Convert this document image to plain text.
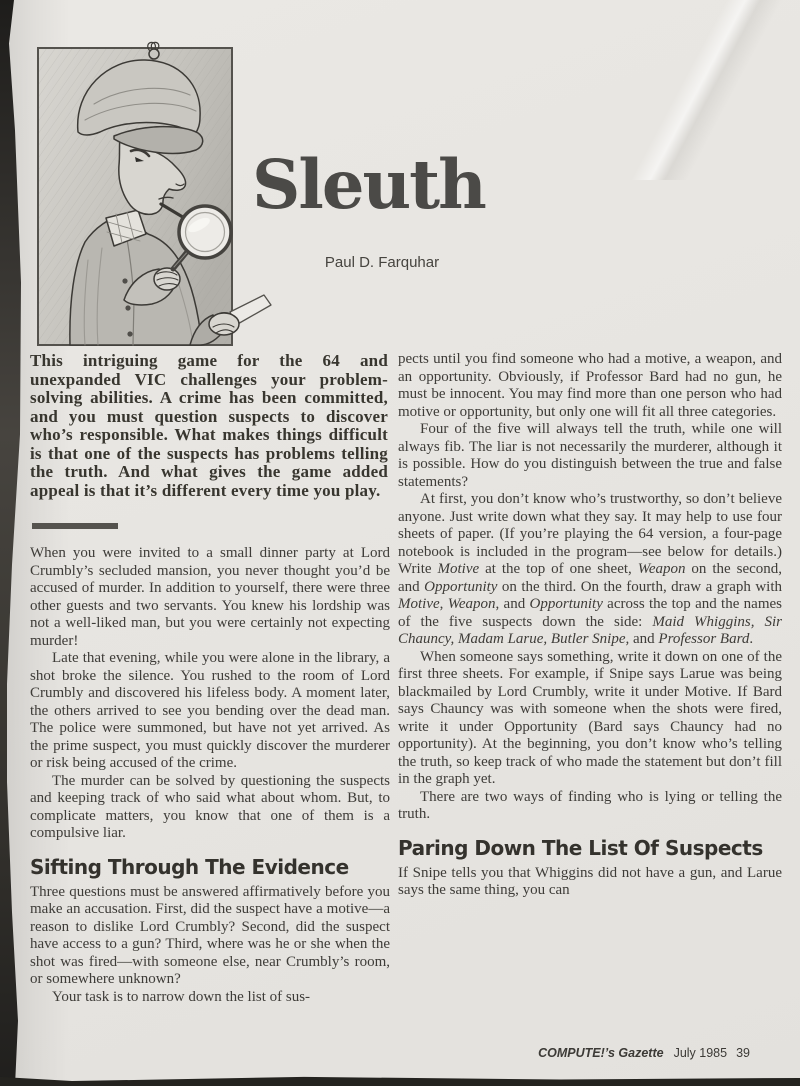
Sleuth
Paul D. Farquhar

This intriguing game for the 64 and unexpanded VIC challenges your problem-solving abilities. A crime has been committed, and you must question suspects to discover who’s responsible. What makes things difficult is that one of the suspects has problems telling the truth. And what gives the game added appeal is that it’s different every time you play.

When you were invited to a small dinner party at Lord Crumbly’s secluded mansion, you never thought you’d be accused of murder. In addition to yourself, there were three other guests and two servants. You knew his lordship was not a well-liked man, but you were certainly not expecting murder!

Late that evening, while you were alone in the library, a shot broke the silence. You rushed to the room of Lord Crumbly and discovered his lifeless body. A moment later, the others arrived to see you bending over the dead man. The police were summoned, but have not yet arrived. As the prime suspect, you must quickly discover the murderer or risk being accused of the crime.

The murder can be solved by questioning the suspects and keeping track of who said what about whom. But, to complicate matters, you know that one of them is a compulsive liar.

Sifting Through The Evidence

Three questions must be answered affirmatively before you make an accusation. First, did the suspect have a motive—a reason to dislike Lord Crumbly? Second, did the suspect have access to a gun? Third, where was he or she when the shot was fired—with someone else, near Crumbly’s room, or somewhere unknown?

Your task is to narrow down the list of sus-

pects until you find someone who had a motive, a weapon, and an opportunity. Obviously, if Professor Bard had no gun, he must be innocent. You may find more than one person who had motive or opportunity, but only one will fit all three categories.

Four of the five will always tell the truth, while one will always fib. The liar is not necessarily the murderer, although it is possible. How do you distinguish between the true and false statements?

At first, you don’t know who’s trustworthy, so don’t believe anyone. Just write down what they say. It may help to use four sheets of paper. (If you’re playing the 64 version, a four-page notebook is included in the program—see below for details.) Write Motive at the top of one sheet, Weapon on the second, and Opportunity on the third. On the fourth, draw a graph with Motive, Weapon, and Opportunity across the top and the names of the five suspects down the side: Maid Whiggins, Sir Chauncy, Madam Larue, Butler Snipe, and Professor Bard.

When someone says something, write it down on one of the first three sheets. For example, if Snipe says Larue was being blackmailed by Lord Crumbly, write it under Motive. If Bard says Chauncy was with someone when the shots were fired, write it under Opportunity (Bard says Chauncy had no opportunity). At the beginning, you don’t know who’s telling the truth, so keep track of who made the statement but don’t fill in the graph yet.

There are two ways of finding who is lying or telling the truth.

Paring Down The List Of Suspects

If Snipe tells you that Whiggins did not have a gun, and Larue says the same thing, you can

COMPUTE!’s Gazette July 1985 39
